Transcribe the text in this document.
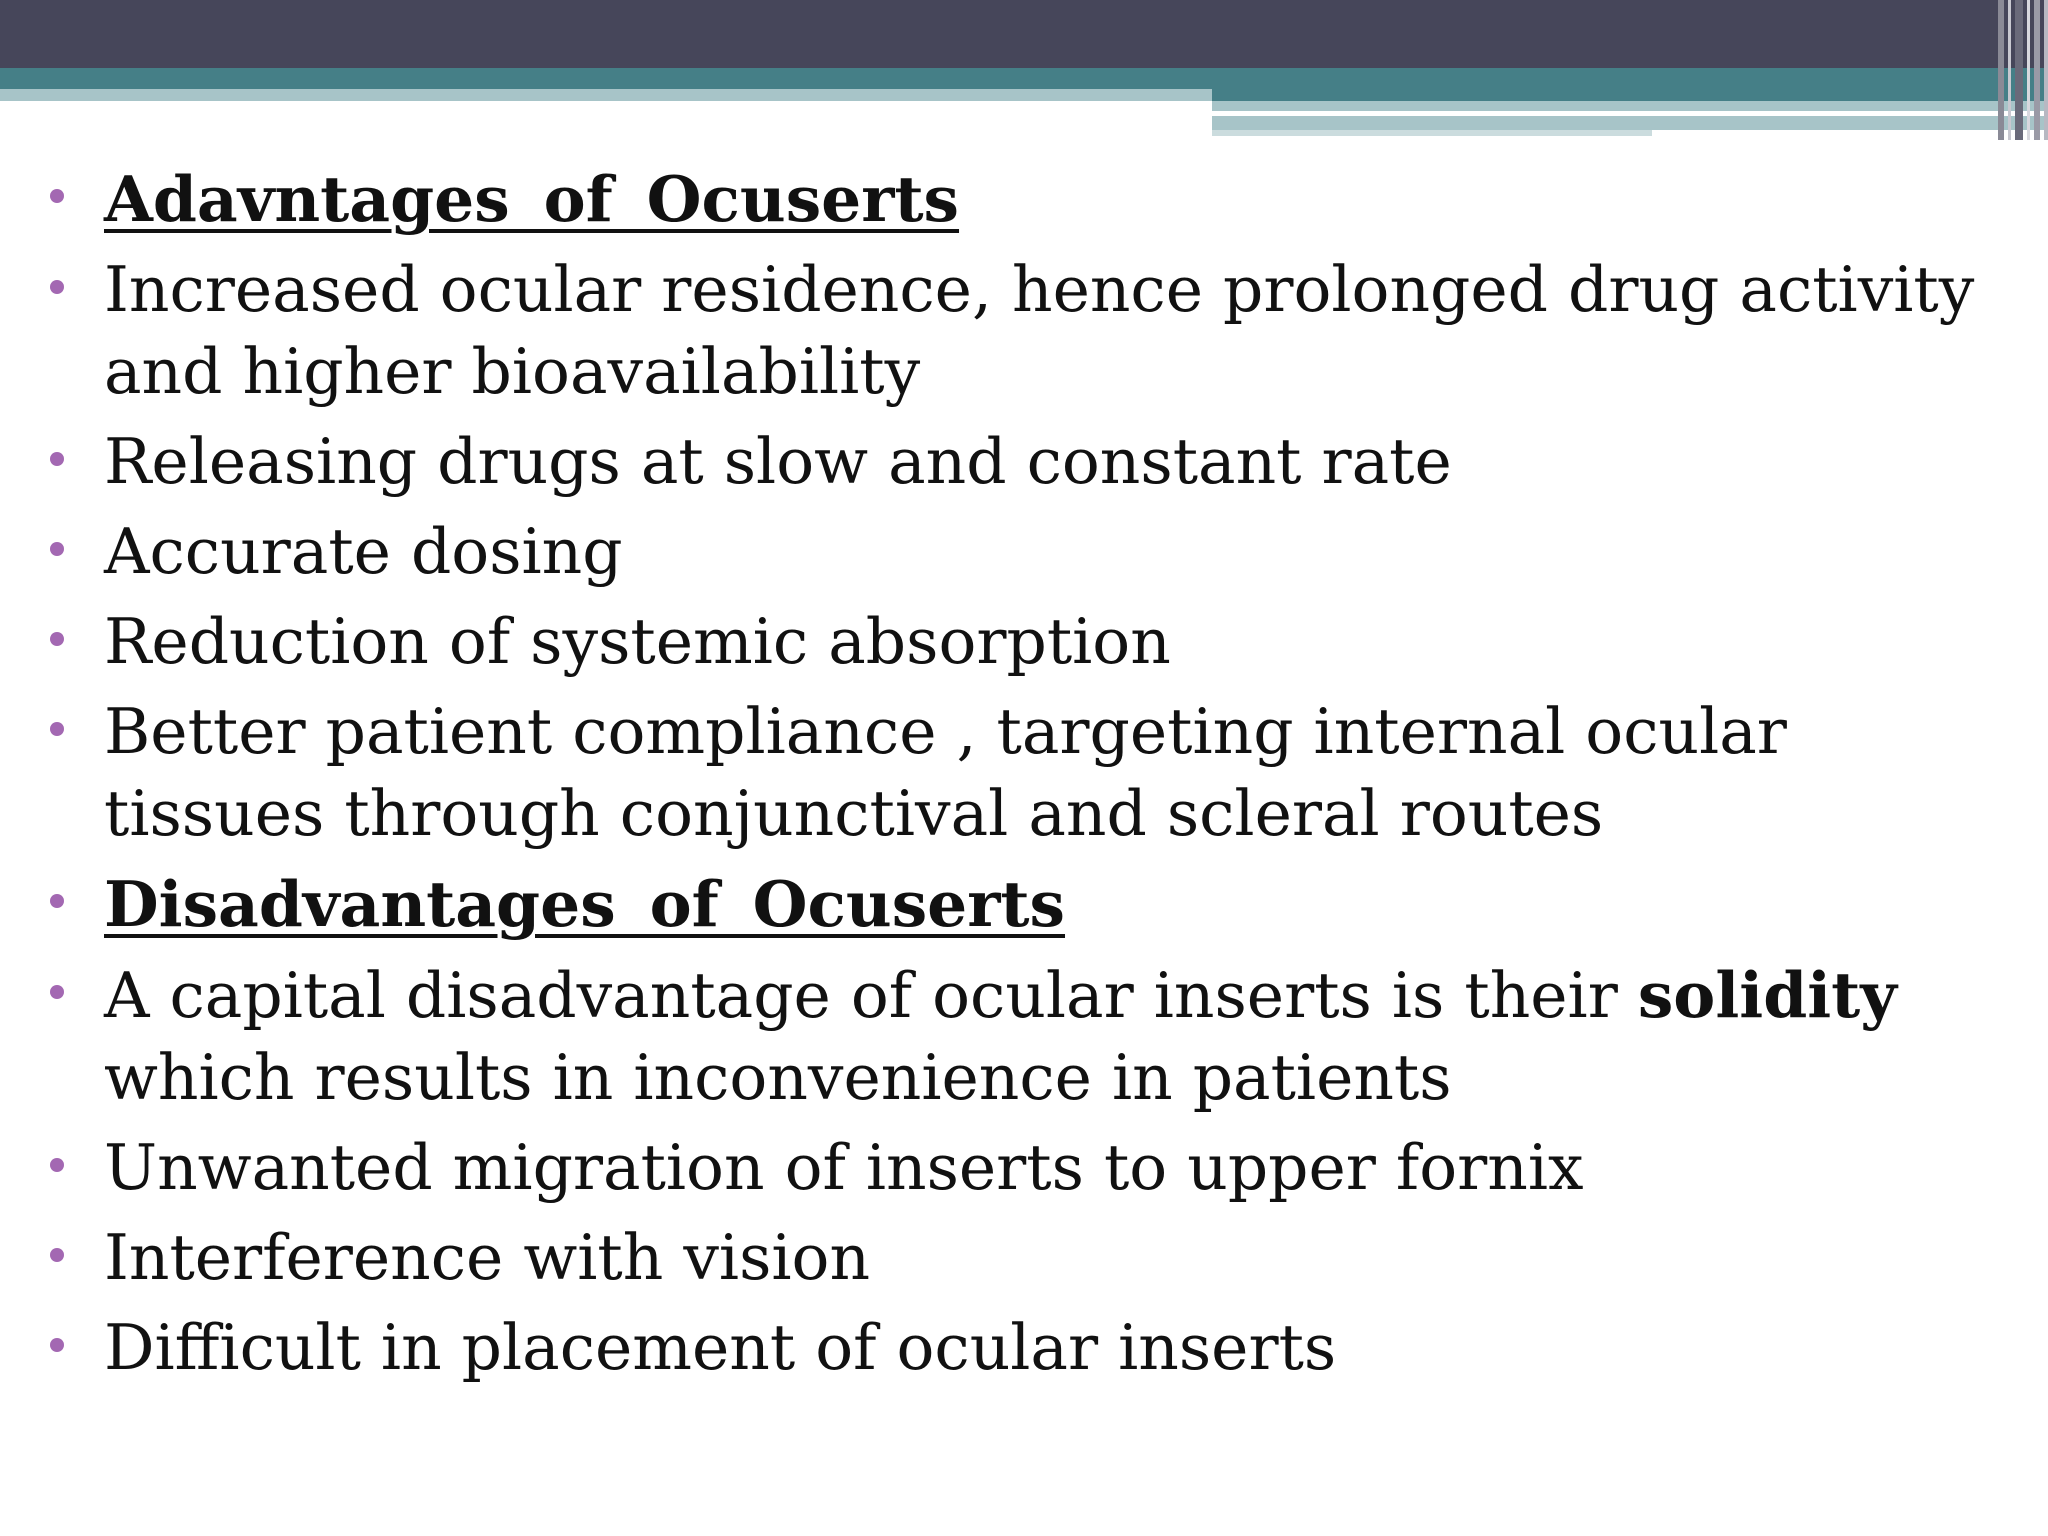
Adavntages of Ocuserts
Increased ocular residence, hence prolonged drug activity and higher bioavailability
Releasing drugs at slow and constant rate
Accurate dosing
Reduction of systemic absorption
Better patient compliance , targeting internal ocular tissues through conjunctival and scleral routes
Disadvantages of Ocuserts
A capital disadvantage of ocular inserts is their solidity which results in inconvenience in patients
Unwanted migration of inserts to upper fornix
Interference with vision
Difficult in placement of ocular inserts
